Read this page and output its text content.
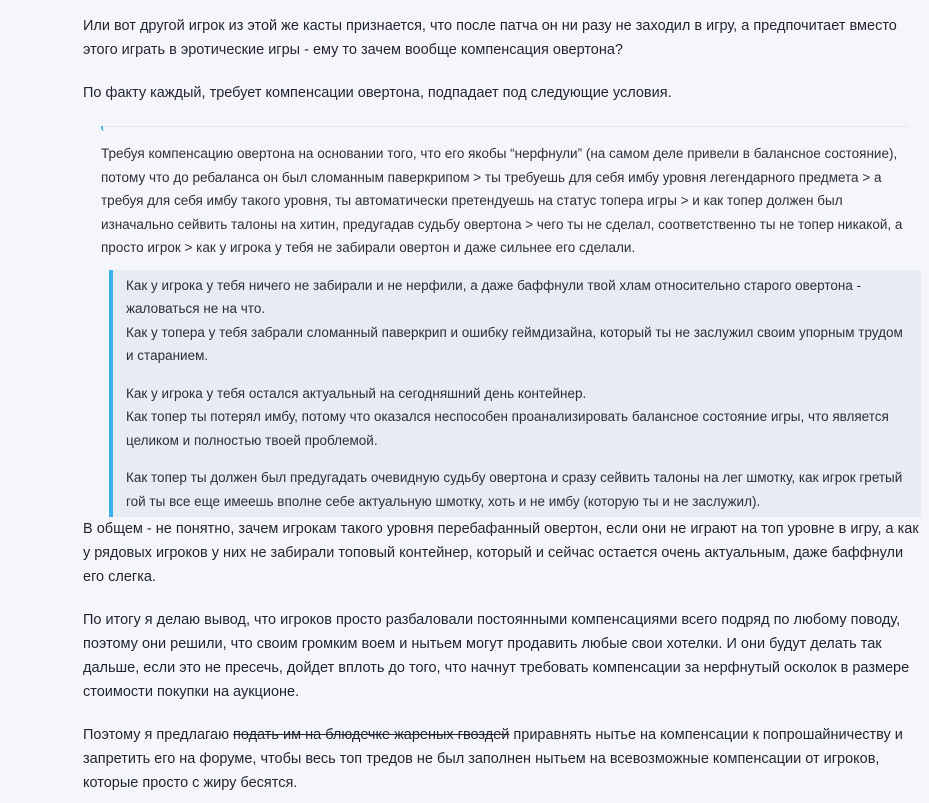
Или вот другой игрок из этой же касты признается, что после патча он ни разу не заходил в игру, а предпочитает вместо этого играть в эротические игры - ему то зачем вообще компенсация овертона?

По факту каждый, требует компенсации овертона, подпадает под следующие условия.

Требуя компенсацию овертона на основании того, что его якобы “нерфнули” (на самом деле привели в балансное состояние), потому что до ребаланса он был сломанным паверкрипом > ты требуешь для себя имбу уровня легендарного предмета > а требуя для себя имбу такого уровня, ты автоматически претендуешь на статус топера игры > и как топер должен был изначально сейвить талоны на хитин, предугадав судьбу овертона > чего ты не сделал, соответственно ты не топер никакой, а просто игрок > как у игрока у тебя не забирали овертон и даже сильнее его сделали.

Как у игрока у тебя ничего не забирали и не нерфили, а даже баффнули твой хлам относительно старого овертона - жаловаться не на что.
Как у топера у тебя забрали сломанный паверкрип и ошибку геймдизайна, который ты не заслужил своим упорным трудом и старанием.

Как у игрока у тебя остался актуальный на сегодняшний день контейнер.
Как топер ты потерял имбу, потому что оказался неспособен проанализировать балансное состояние игры, что является целиком и полностью твоей проблемой.

Как топер ты должен был предугадать очевидную судьбу овертона и сразу сейвить талоны на лег шмотку, как игрок гретый гой ты все еще имеешь вполне себе актуальную шмотку, хоть и не имбу (которую ты и не заслужил).

В общем - не понятно, зачем игрокам такого уровня перебафанный овертон, если они не играют на топ уровне в игру, а как у рядовых игроков у них не забирали топовый контейнер, который и сейчас остается очень актуальным, даже баффнули его слегка.

По итогу я делаю вывод, что игроков просто разбаловали постоянными компенсациями всего подряд по любому поводу, поэтому они решили, что своим громким воем и нытьем могут продавить любые свои хотелки. И они будут делать так дальше, если это не пресечь, дойдет вплоть до того, что начнут требовать компенсации за нерфнутый осколок в размере стоимости покупки на аукционе.

Поэтому я предлагаю подать им на блюдечке жареных гвоздей приравнять нытье на компенсации к попрошайничеству и запретить его на форуме, чтобы весь топ тредов не был заполнен нытьем на всевозможные компенсации от игроков, которые просто с жиру бесятся.
